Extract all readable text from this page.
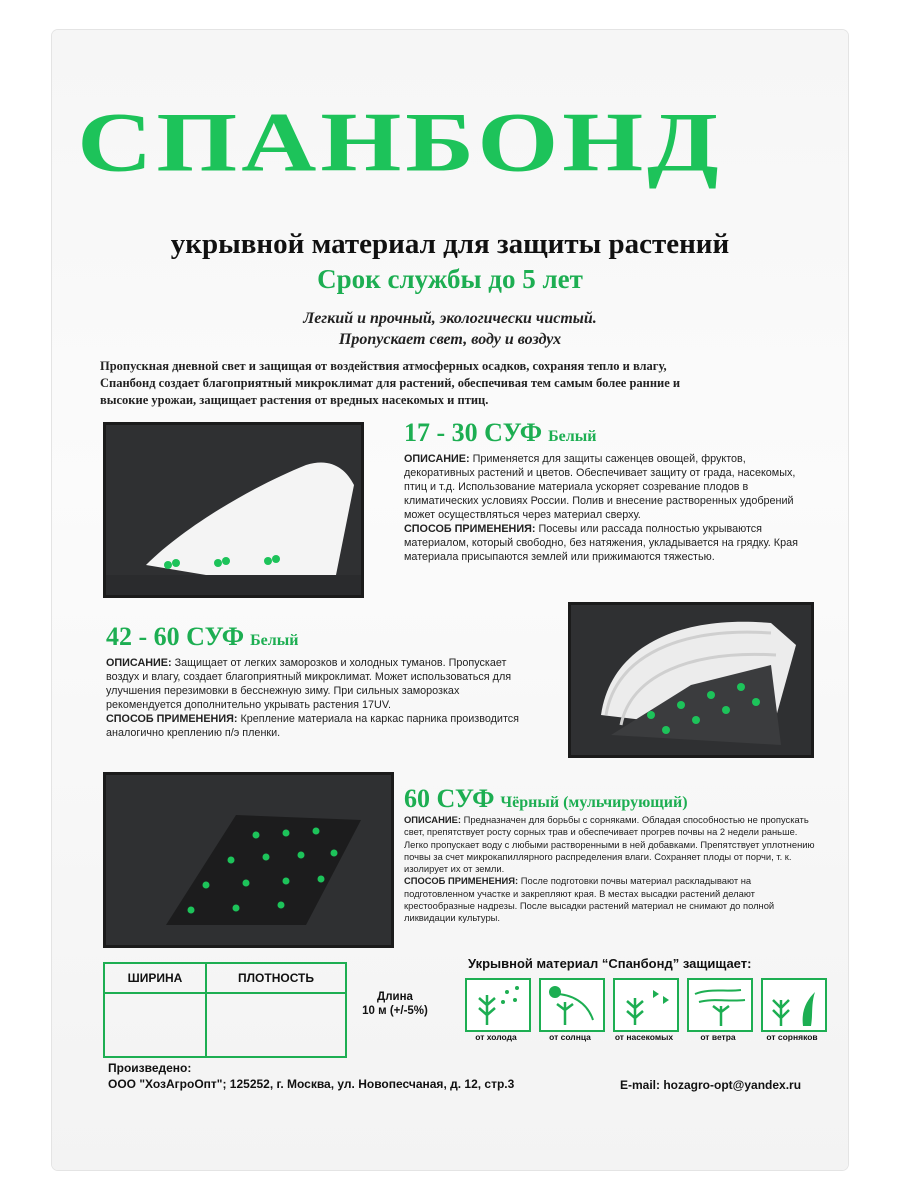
СПАНБОНД
укрывной материал для защиты растений
Срок службы до 5 лет
Легкий и прочный, экологически чистый.
Пропускает свет, воду и воздух
Пропускная дневной свет и защищая от воздействия атмосферных осадков, сохраняя тепло и влагу,
Спанбонд создает благоприятный микроклимат для растений, обеспечивая тем самым более ранние и
высокие урожаи, защищает растения от вредных насекомых и птиц.
17 - 30 СУФ Белый
ОПИСАНИЕ: Применяется для защиты саженцев овощей, фруктов, декоративных растений и цветов. Обеспечивает защиту от града, насекомых, птиц и т.д. Использование материала ускоряет созревание плодов в климатических условиях России. Полив и внесение растворенных удобрений может осуществляться через материал сверху.
СПОСОБ ПРИМЕНЕНИЯ: Посевы или рассада полностью укрываются материалом, который свободно, без натяжения, укладывается на грядку. Края материала присыпаются землей или прижимаются тяжестью.
42 - 60 СУФ Белый
ОПИСАНИЕ: Защищает от легких заморозков и холодных туманов. Пропускает воздух и влагу, создает благоприятный микроклимат. Может использоваться для улучшения перезимовки в бесснежную зиму. При сильных заморозках рекомендуется дополнительно укрывать растения 17UV.
СПОСОБ ПРИМЕНЕНИЯ: Крепление материала на каркас парника производится аналогично креплению п/э пленки.
60 СУФ Чёрный (мульчирующий)
ОПИСАНИЕ: Предназначен для борьбы с сорняками. Обладая способностью не пропускать свет, препятствует росту сорных трав и обеспечивает прогрев почвы на 2 недели раньше. Легко пропускает воду с любыми растворенными в ней добавками. Препятствует уплотнению почвы за счет микрокапиллярного распределения влаги. Сохраняет плоды от порчи, т. к. изолирует их от земли.
СПОСОБ ПРИМЕНЕНИЯ: После подготовки почвы материал раскладывают на подготовленном участке и закрепляют края. В местах высадки растений делают крестообразные надрезы. После высадки растений материал не снимают до полной ликвидации культуры.
ШИРИНА	ПЛОТНОСТЬ
Длина
10 м (+/-5%)
Укрывной материал “Спанбонд” защищает:
от холода	от солнца	от насекомых	от ветра	от сорняков
Произведено:
ООО "ХозАгроОпт"; 125252, г. Москва, ул. Новопесчаная, д. 12, стр.3	E-mail: hozagro-opt@yandex.ru
